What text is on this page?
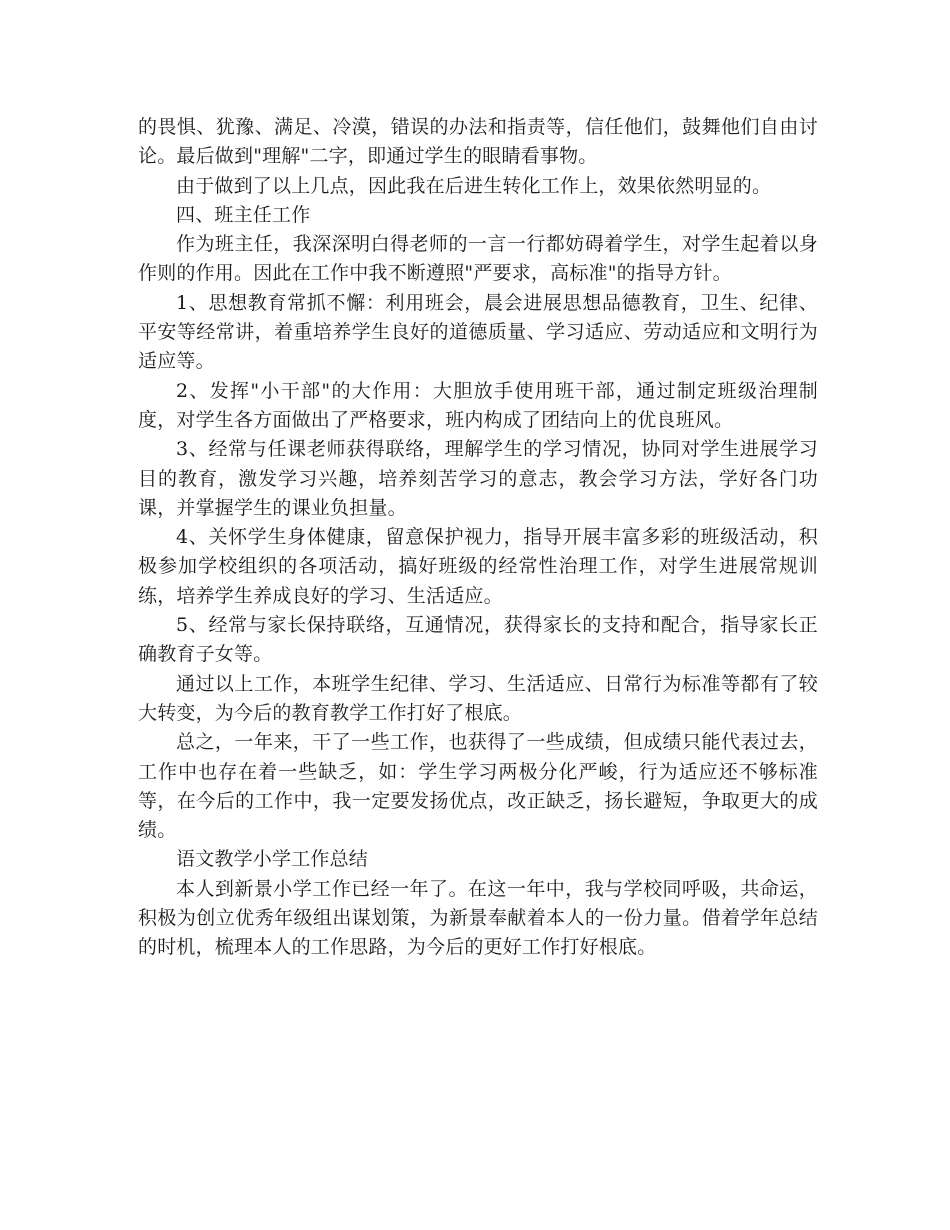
的畏惧、犹豫、满足、冷漠，错误的办法和指责等，信任他们，鼓舞他们自由讨论。最后做到"理解"二字，即通过学生的眼睛看事物。

由于做到了以上几点，因此我在后进生转化工作上，效果依然明显的。

四、班主任工作

作为班主任，我深深明白得老师的一言一行都妨碍着学生，对学生起着以身作则的作用。因此在工作中我不断遵照"严要求，高标准"的指导方针。

1、思想教育常抓不懈：利用班会，晨会进展思想品德教育，卫生、纪律、平安等经常讲，着重培养学生良好的道德质量、学习适应、劳动适应和文明行为适应等。

2、发挥"小干部"的大作用：大胆放手使用班干部，通过制定班级治理制度，对学生各方面做出了严格要求，班内构成了团结向上的优良班风。

3、经常与任课老师获得联络，理解学生的学习情况，协同对学生进展学习目的教育，激发学习兴趣，培养刻苦学习的意志，教会学习方法，学好各门功课，并掌握学生的课业负担量。

4、关怀学生身体健康，留意保护视力，指导开展丰富多彩的班级活动，积极参加学校组织的各项活动，搞好班级的经常性治理工作，对学生进展常规训练，培养学生养成良好的学习、生活适应。

5、经常与家长保持联络，互通情况，获得家长的支持和配合，指导家长正确教育子女等。

通过以上工作，本班学生纪律、学习、生活适应、日常行为标准等都有了较大转变，为今后的教育教学工作打好了根底。

总之，一年来，干了一些工作，也获得了一些成绩，但成绩只能代表过去，工作中也存在着一些缺乏，如：学生学习两极分化严峻，行为适应还不够标准等，在今后的工作中，我一定要发扬优点，改正缺乏，扬长避短，争取更大的成绩。

语文教学小学工作总结

本人到新景小学工作已经一年了。在这一年中，我与学校同呼吸，共命运，积极为创立优秀年级组出谋划策，为新景奉献着本人的一份力量。借着学年总结的时机，梳理本人的工作思路，为今后的更好工作打好根底。
